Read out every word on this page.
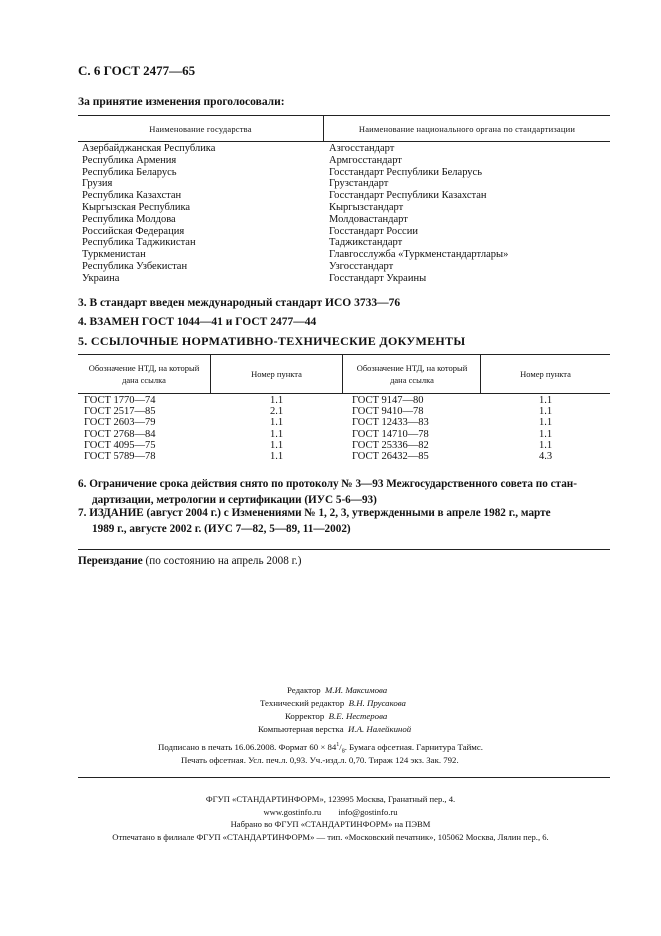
С. 6 ГОСТ 2477—65
За принятие изменения проголосовали:
Наименование государства	Наименование национального органа по стандартизации
Азербайджанская Республика
Республика Армения
Республика Беларусь
Грузия
Республика Казахстан
Кыргызская Республика
Республика Молдова
Российская Федерация
Республика Таджикистан
Туркменистан
Республика Узбекистан
Украина
Азгосстандарт
Армгосстандарт
Госстандарт Республики Беларусь
Грузстандарт
Госстандарт Республики Казахстан
Кыргызстандарт
Молдовастандарт
Госстандарт России
Таджикстандарт
Главгосслужба «Туркменстандартлары»
Узгосстандарт
Госстандарт Украины
3. В стандарт введен международный стандарт ИСО 3733—76
4. ВЗАМЕН ГОСТ 1044—41 и ГОСТ 2477—44
5. ССЫЛОЧНЫЕ НОРМАТИВНО-ТЕХНИЧЕСКИЕ ДОКУМЕНТЫ
Обозначение НТД, на который дана ссылка
Номер пункта
Обозначение НТД, на который дана ссылка
Номер пункта
ГОСТ 1770—74
ГОСТ 2517—85
ГОСТ 2603—79
ГОСТ 2768—84
ГОСТ 4095—75
ГОСТ 5789—78
1.1
2.1
1.1
1.1
1.1
1.1
ГОСТ 9147—80
ГОСТ 9410—78
ГОСТ 12433—83
ГОСТ 14710—78
ГОСТ 25336—82
ГОСТ 26432—85
1.1
1.1
1.1
1.1
1.1
4.3
6. Ограничение срока действия снято по протоколу № 3—93 Межгосударственного совета по стан-
дартизации, метрологии и сертификации (ИУС 5-6—93)
7. ИЗДАНИЕ (август 2004 г.) с Изменениями № 1, 2, 3, утвержденными в апреле 1982 г., марте
1989 г., августе 2002 г. (ИУС 7—82, 5—89, 11—2002)
Переиздание (по состоянию на апрель 2008 г.)
Редактор М.И. Максимова
Технический редактор В.Н. Прусакова
Корректор В.Е. Нестерова
Компьютерная верстка И.А. Налейкиной
Подписано в печать 16.06.2008. Формат $60 \times 84^1/_8$. Бумага офсетная. Гарнитура Таймс.
Печать офсетная. Усл. печ.л. 0,93. Уч.-изд.л. 0,70. Тираж 124 экз. Зак. 792.
ФГУП «СТАНДАРТИНФОРМ», 123995 Москва, Гранатный пер., 4.
www.gostinfo.ru info@gostinfo.ru
Набрано во ФГУП «СТАНДАРТИНФОРМ» на ПЭВМ
Отпечатано в филиале ФГУП «СТАНДАРТИНФОРМ» — тип. «Московский печатник», 105062 Москва, Лялин пер., 6.
